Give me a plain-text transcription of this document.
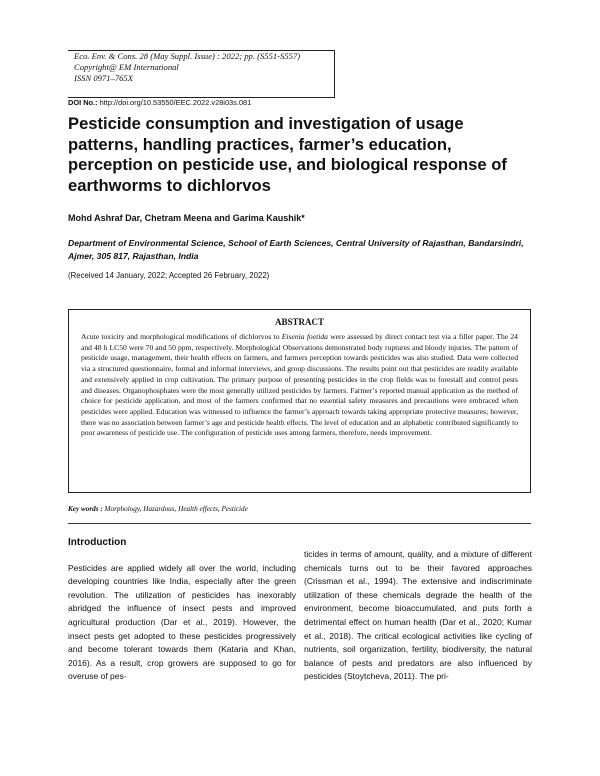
Eco. Env. & Cons. 28 (May Suppl. Issue) : 2022; pp. (S551-S557)
Copyright@ EM International
ISSN 0971–765X
DOI No.: http://doi.org/10.53550/EEC.2022.v28i03s.081
Pesticide consumption and investigation of usage patterns, handling practices, farmer’s education, perception on pesticide use, and biological response of earthworms to dichlorvos
Mohd Ashraf Dar, Chetram Meena and Garima Kaushik*
Department of Environmental Science, School of Earth Sciences, Central University of Rajasthan, Bandarsindri, Ajmer, 305 817, Rajasthan, India
(Received 14 January, 2022; Accepted 26 February, 2022)
ABSTRACT

Acute toxicity and morphological modifications of dichlorvos to Eisenia foetida were assessed by direct contact test via a filler paper. The 24 and 48 h LC50 were 70 and 50 ppm, respectively. Morphological Observations demonstrated body ruptures and bloody injuries. The pattern of pesticide usage, management, their health effects on farmers, and farmers perception towards pesticides was also studied. Data were collected via a structured questionnaire, formal and informal interviews, and group discussions. The results point out that pesticides are readily available and extensively applied in crop cultivation. The primary purpose of presenting pesticides in the crop fields was to forestall and control pests and diseases. Organophosphates were the most generally utilized pesticides by farmers. Farmer’s reported manual application as the method of choice for pesticide application, and most of the farmers confirmed that no essential safety measures and precautions were embraced when pesticides were applied. Education was witnessed to influence the farmer’s approach towards taking appropriate protective measures; however, there was no association between farmer’s age and pesticide health effects. The level of education and an alphabetic contributed significantly to poor awareness of pesticide use. The configuration of pesticide uses among farmers, therefore, needs improvement.

Key words : Morphology, Hazardous, Health effects, Pesticide
Introduction

Pesticides are applied widely all over the world, including developing countries like India, especially after the green revolution. The utilization of pesticides has inexorably abridged the influence of insect pests and improved agricultural production (Dar et al., 2019). However, the insect pests get adopted to these pesticides progressively and become tolerant towards them (Kataria and Khan, 2016). As a result, crop growers are supposed to go for overuse of pes-

ticides in terms of amount, quality, and a mixture of different chemicals turns out to be their favored approaches (Crissman et al., 1994). The extensive and indiscriminate utilization of these chemicals degrade the health of the environment, become bioaccumulated, and puts forth a detrimental effect on human health (Dar et al., 2020; Kumar et al., 2018). The critical ecological activities like cycling of nutrients, soil organization, fertility, biodiversity, the natural balance of pests and predators are also influenced by pesticides (Stoytcheva, 2011). The pri-
